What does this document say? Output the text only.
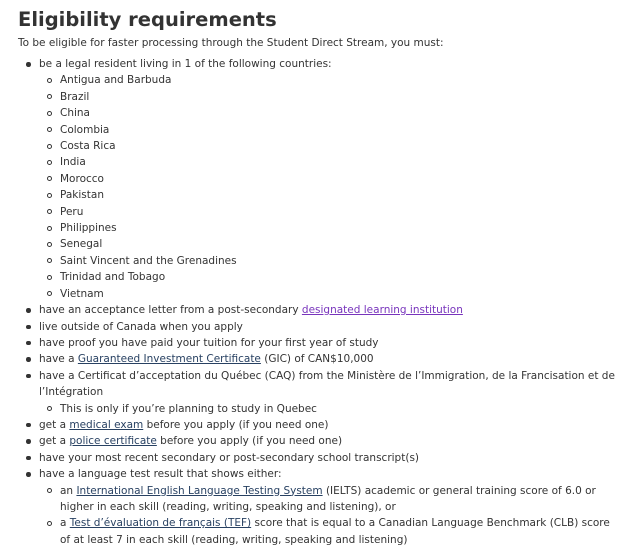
Eligibility requirements

To be eligible for faster processing through the Student Direct Stream, you must:

be a legal resident living in 1 of the following countries:
Antigua and Barbuda
Brazil
China
Colombia
Costa Rica
India
Morocco
Pakistan
Peru
Philippines
Senegal
Saint Vincent and the Grenadines
Trinidad and Tobago
Vietnam
have an acceptance letter from a post-secondary designated learning institution
live outside of Canada when you apply
have proof you have paid your tuition for your first year of study
have a Guaranteed Investment Certificate (GIC) of CAN$10,000
have a Certificat d’acceptation du Québec (CAQ) from the Ministère de l’Immigration, de la Francisation et de l’Intégration
This is only if you’re planning to study in Quebec
get a medical exam before you apply (if you need one)
get a police certificate before you apply (if you need one)
have your most recent secondary or post-secondary school transcript(s)
have a language test result that shows either:
an International English Language Testing System (IELTS) academic or general training score of 6.0 or higher in each skill (reading, writing, speaking and listening), or
a Test d’évaluation de français (TEF) score that is equal to a Canadian Language Benchmark (CLB) score of at least 7 in each skill (reading, writing, speaking and listening)
